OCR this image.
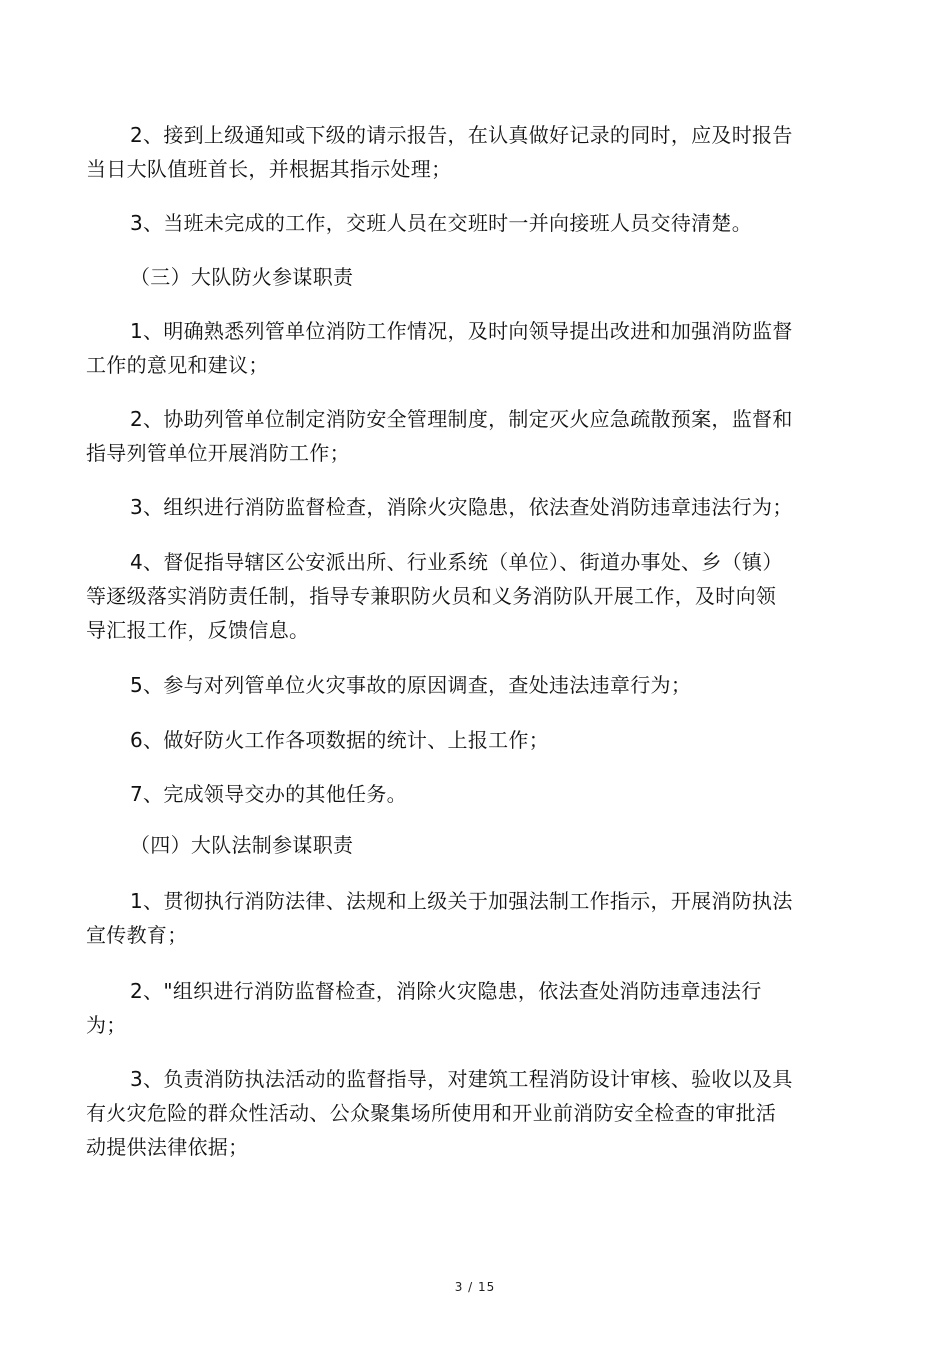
2、接到上级通知或下级的请示报告，在认真做好记录的同时，应及时报告
当日大队值班首长，并根据其指示处理；
3、当班未完成的工作，交班人员在交班时一并向接班人员交待清楚。
（三）大队防火参谋职责
1、明确熟悉列管单位消防工作情况，及时向领导提出改进和加强消防监督
工作的意见和建议；
2、协助列管单位制定消防安全管理制度，制定灭火应急疏散预案，监督和
指导列管单位开展消防工作；
3、组织进行消防监督检查，消除火灾隐患，依法查处消防违章违法行为；
4、督促指导辖区公安派出所、行业系统（单位）、街道办事处、乡（镇）
等逐级落实消防责任制，指导专兼职防火员和义务消防队开展工作，及时向领
导汇报工作，反馈信息。
5、参与对列管单位火灾事故的原因调查，查处违法违章行为；
6、做好防火工作各项数据的统计、上报工作；
7、完成领导交办的其他任务。
（四）大队法制参谋职责
1、贯彻执行消防法律、法规和上级关于加强法制工作指示，开展消防执法
宣传教育；
2、"组织进行消防监督检查，消除火灾隐患，依法查处消防违章违法行
为；
3、负责消防执法活动的监督指导，对建筑工程消防设计审核、验收以及具
有火灾危险的群众性活动、公众聚集场所使用和开业前消防安全检查的审批活
动提供法律依据；
3 / 15
